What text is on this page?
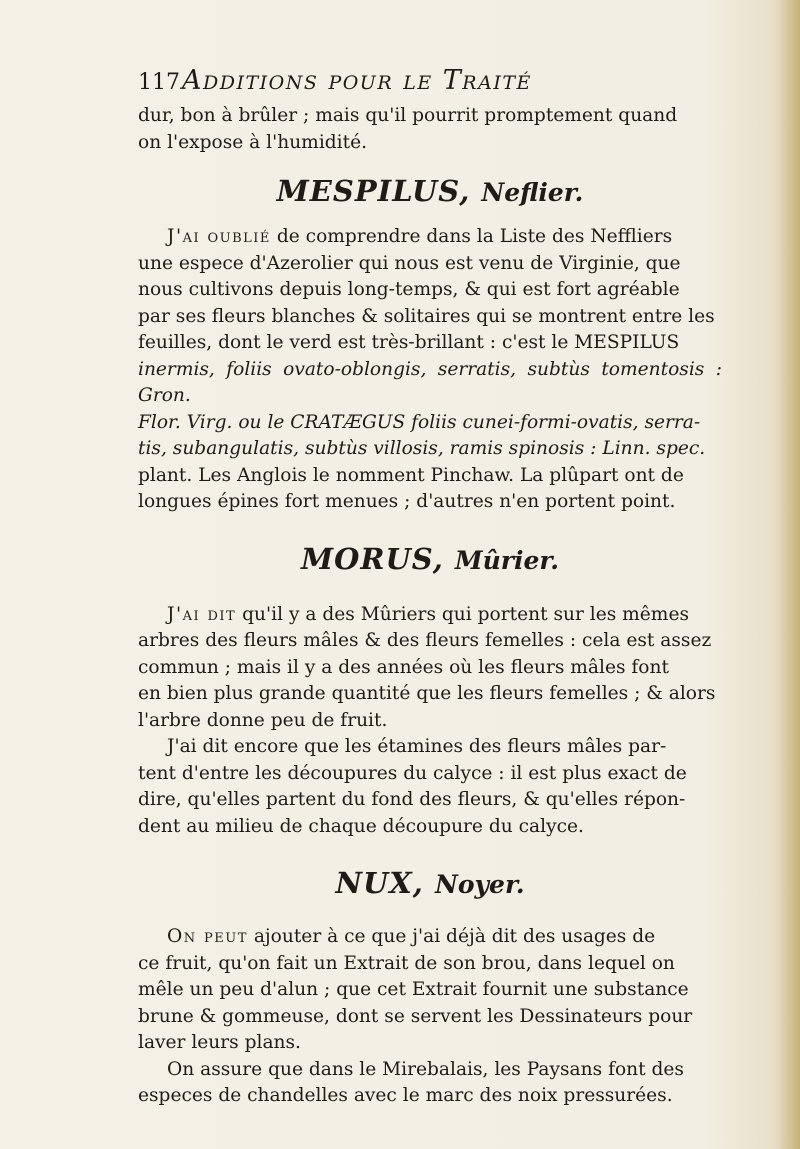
117Additions pour le Traité

dur, bon à brûler ; mais qu'il pourrit promptement quand

on l'expose à l'humidité.

MESPILUS, Neflier.

J'ai oublié de comprendre dans la Liste des Neffliers

une espece d'Azerolier qui nous est venu de Virginie, que

nous cultivons depuis long-temps, & qui est fort agréable

par ses fleurs blanches & solitaires qui se montrent entre les

feuilles, dont le verd est très-brillant : c'est le MESPILUS

inermis, foliis ovato-oblongis, serratis, subtùs tomentosis : Gron.

Flor. Virg. ou le CRATÆGUS foliis cunei-formi-ovatis, serra-

tis, subangulatis, subtùs villosis, ramis spinosis : Linn. spec.

plant. Les Anglois le nomment Pinchaw. La plûpart ont de

longues épines fort menues ; d'autres n'en portent point.

MORUS, Mûrier.

J'ai dit qu'il y a des Mûriers qui portent sur les mêmes

arbres des fleurs mâles & des fleurs femelles : cela est assez

commun ; mais il y a des années où les fleurs mâles font

en bien plus grande quantité que les fleurs femelles ; & alors

l'arbre donne peu de fruit.

J'ai dit encore que les étamines des fleurs mâles par-

tent d'entre les découpures du calyce : il est plus exact de

dire, qu'elles partent du fond des fleurs, & qu'elles répon-

dent au milieu de chaque découpure du calyce.

NUX, Noyer.

On peut ajouter à ce que j'ai déjà dit des usages de

ce fruit, qu'on fait un Extrait de son brou, dans lequel on

mêle un peu d'alun ; que cet Extrait fournit une substance

brune & gommeuse, dont se servent les Dessinateurs pour

laver leurs plans.

On assure que dans le Mirebalais, les Paysans font des

especes de chandelles avec le marc des noix pressurées.
